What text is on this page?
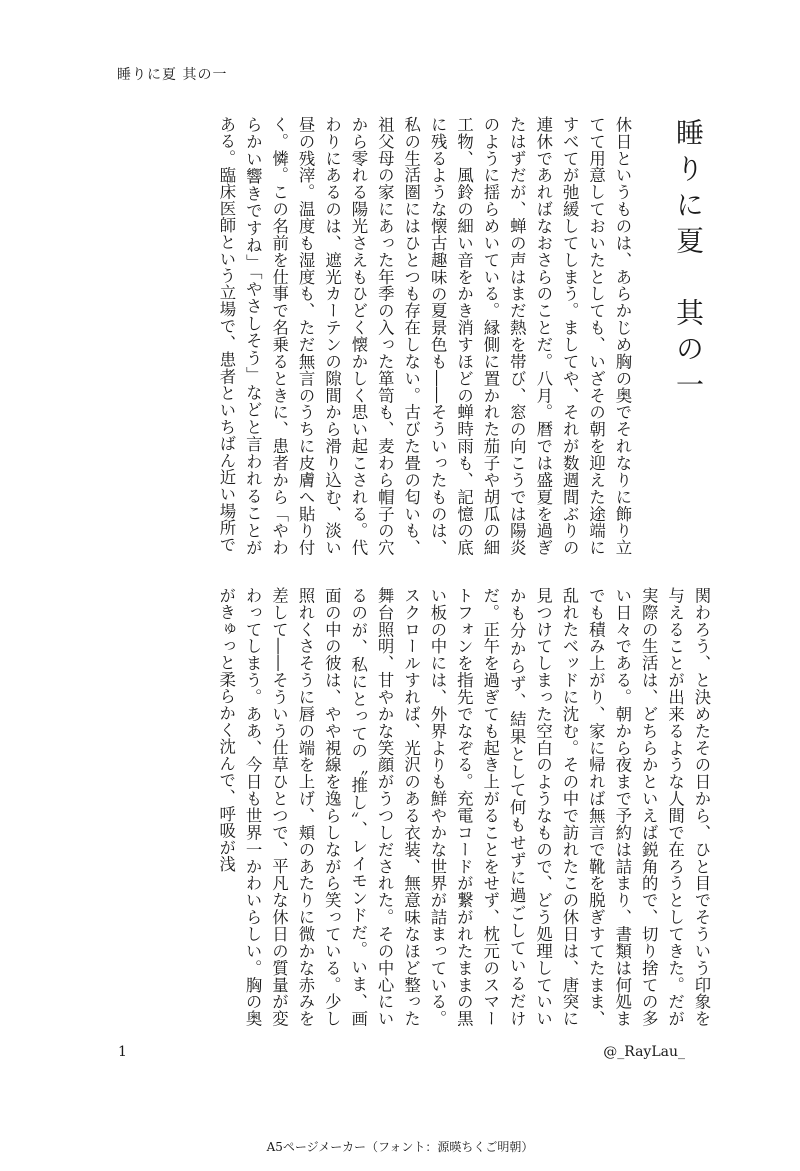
睡りに夏 其の一
睡りに夏　其の一
休日というものは、あらかじめ胸の奥でそれなりに飾り立てて用意しておいたとしても、いざその朝を迎えた途端にすべてが弛緩してしまう。ましてや、それが数週間ぶりの連休であればなおさらのことだ。八月。暦では盛夏を過ぎたはずだが、蝉の声はまだ熱を帯び、窓の向こうでは陽炎のように揺らめいている。縁側に置かれた茄子や胡瓜の細工物、風鈴の細い音をかき消すほどの蝉時雨も、記憶の底に残るような懐古趣味の夏景色も――そういったものは、私の生活圏にはひとつも存在しない。古びた畳の匂いも、祖父母の家にあった年季の入った箪笥も、麦わら帽子の穴から零れる陽光さえもひどく懐かしく思い起こされる。代わりにあるのは、遮光カーテンの隙間から滑り込む、淡い昼の残滓。温度も湿度も、ただ無言のうちに皮膚へ貼り付く。憐。この名前を仕事で名乗るときに、患者から「やわらかい響きですね」「やさしそう」などと言われることがある。臨床医師という立場で、患者といちばん近い場所で
関わろう、と決めたその日から、ひと目でそういう印象を与えることが出来るような人間で在ろうとしてきた。だが実際の生活は、どちらかといえば鋭角的で、切り捨ての多い日々である。朝から夜まで予約は詰まり、書類は何処までも積み上がり、家に帰れば無言で靴を脱ぎすてたまま、乱れたベッドに沈む。その中で訪れたこの休日は、唐突に見つけてしまった空白のようなもので、どう処理していいかも分からず、結果として何もせずに過ごしているだけだ。正午を過ぎても起き上がることをせず、枕元のスマートフォンを指先でなぞる。充電コードが繋がれたままの黒い板の中には、外界よりも鮮やかな世界が詰まっている。スクロールすれば、光沢のある衣装、無意味なほど整った舞台照明、甘やかな笑顔がうつしだされた。その中心にいるのが、私にとっての〝推し〟、レイモンドだ。いま、画面の中の彼は、やや視線を逸らしながら笑っている。少し照れくさそうに唇の端を上げ、頬のあたりに微かな赤みを差して――そういう仕草ひとつで、平凡な休日の質量が変わってしまう。ああ、今日も世界一かわいらしい。胸の奥がきゅっと柔らかく沈んで、呼吸が浅
1	@_RayLau_
A5ページメーカー（フォント：源暎ちくご明朝）
